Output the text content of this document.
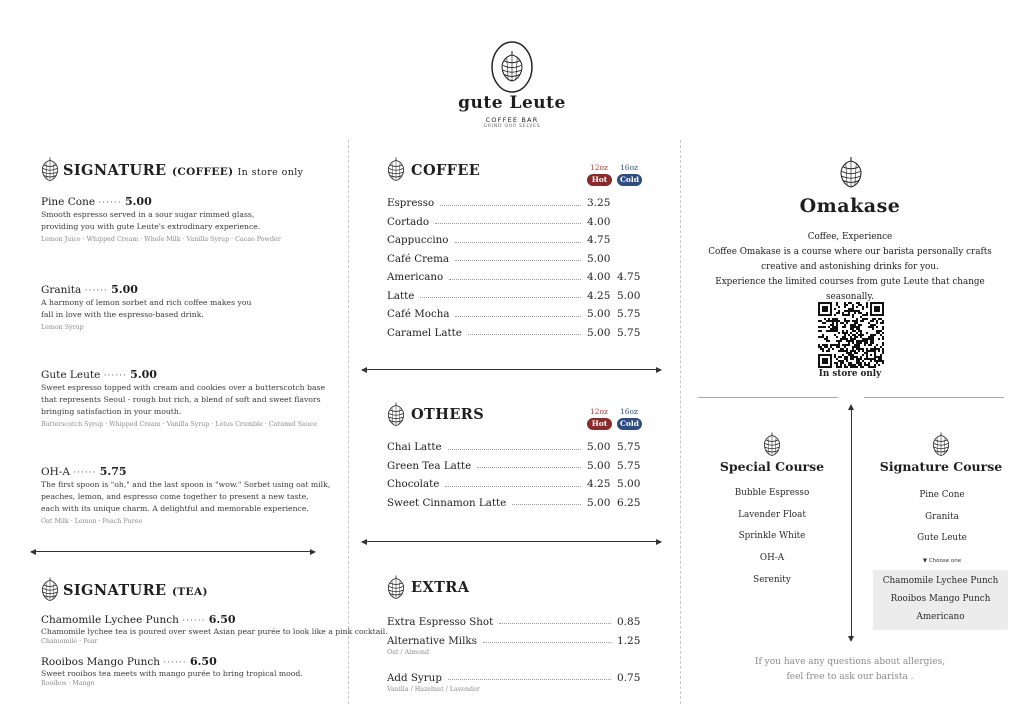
gute Leute
COFFEE BAR
GRIND OUR SELVES
SIGNATURE (COFFEE) In store only
Pine Cone ······ 5.00
Smooth espresso served in a sour sugar rimmed glass,
providing you with gute Leute's extrodinary experience.
Lemon Juice · Whipped Cream · Whole Milk · Vanilla Syrup · Cacao Powder
Granita ······ 5.00
A harmony of lemon sorbet and rich coffee makes you
fall in love with the espresso-based drink.
Lemon Syrup
Gute Leute ······ 5.00
Sweet espresso topped with cream and cookies over a butterscotch base
that represents Seoul - rough but rich, a blend of soft and sweet flavors
bringing satisfaction in your mouth.
Butterscotch Syrup · Whipped Cream · Vanilla Syrup · Lotus Crumble · Caramel Sauce
OH-A ······ 5.75
The first spoon is "oh," and the last spoon is "wow." Sorbet using oat milk,
peaches, lemon, and espresso come together to present a new taste,
each with its unique charm. A delightful and memorable experience.
Oat Milk · Lemon · Peach Puree
SIGNATURE (TEA)
Chamomile Lychee Punch ······ 6.50
Chamomile lychee tea is poured over sweet Asian pear purée to look like a pink cocktail.
Chamomile · Pear
Rooibos Mango Punch ······ 6.50
Sweet rooibos tea meets with mango purée to bring tropical mood.
Rooibos · Mango
COFFEE	12oz	16oz
Hot	Cold
Espresso	3.25
Cortado	4.00
Cappuccino	4.75
Café Crema	5.00
Americano	4.00 4.75
Latte	4.25 5.00
Café Mocha	5.00 5.75
Caramel Latte	5.00 5.75
OTHERS	12oz	16oz
Hot	Cold
Chai Latte	5.00 5.75
Green Tea Latte	5.00 5.75
Chocolate	4.25 5.00
Sweet Cinnamon Latte	5.00 6.25
EXTRA
Extra Espresso Shot	0.85
Alternative Milks	1.25
Oat / Almond
Add Syrup	0.75
Vanilla / Hazelnut / Lavender
Omakase
Coffee, Experience
Coffee Omakase is a course where our barista personally crafts
creative and astonishing drinks for you.
Experience the limited courses from gute Leute that change seasonally.
In store only
Special Course
Bubble Espresso
Lavender Float
Sprinkle White
OH-A
Serenity
Signature Course
Pine Cone
Granita
Gute Leute
▼ Choose one
Chamomile Lychee Punch
Rooibos Mango Punch
Americano
If you have any questions about allergies,
feel free to ask our barista .
